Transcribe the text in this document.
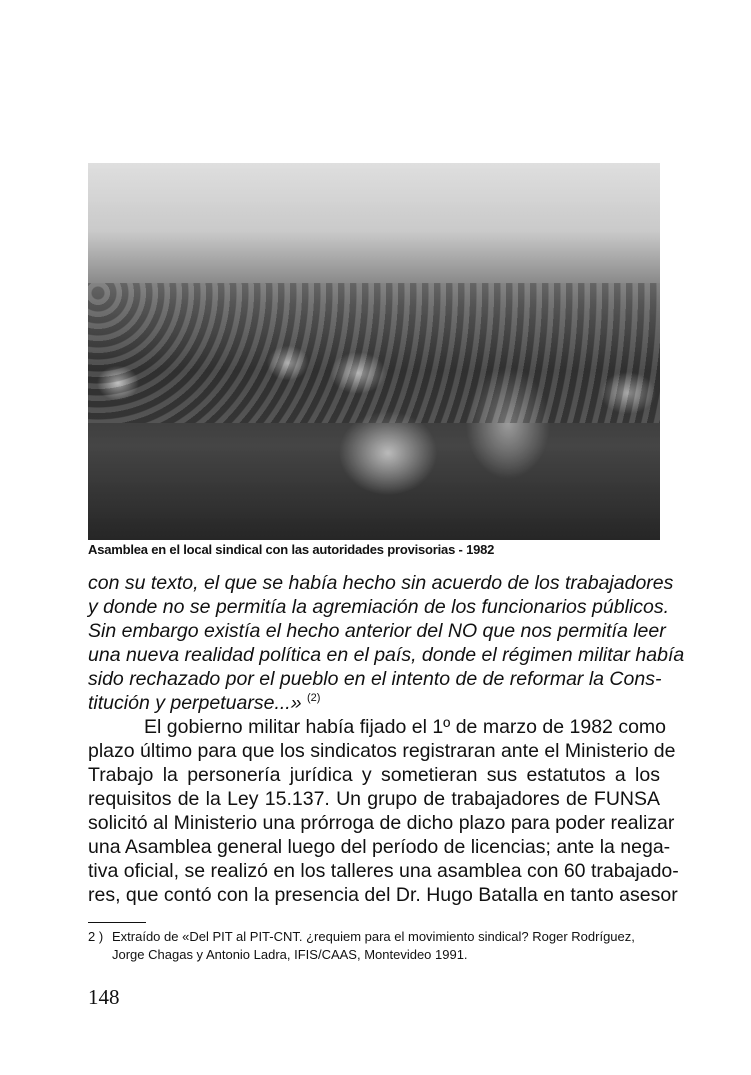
Asamblea en el local sindical con las autoridades provisorias - 1982
con su texto, el que se había hecho sin acuerdo de los trabajadores
y donde no se permitía la agremiación de los funcionarios públicos.
Sin embargo existía el hecho anterior del NO que nos permitía leer
una nueva realidad política en el país, donde el régimen militar había
sido rechazado por el pueblo en el intento de de reformar la Cons-
titución y perpetuarse...» $^{(2)}$
El gobierno militar había fijado el 1º de marzo de 1982 como
plazo último para que los sindicatos registraran ante el Ministerio de
Trabajo la personería jurídica y sometieran sus estatutos a los
requisitos de la Ley 15.137. Un grupo de trabajadores de FUNSA
solicitó al Ministerio una prórroga de dicho plazo para poder realizar
una Asamblea general luego del período de licencias; ante la nega-
tiva oficial, se realizó en los talleres una asamblea con 60 trabajado-
res, que contó con la presencia del Dr. Hugo Batalla en tanto asesor
2 ) Extraído de «Del PIT al PIT-CNT. ¿requiem para el movimiento sindical? Roger Rodríguez,
Jorge Chagas y Antonio Ladra, IFIS/CAAS, Montevideo 1991.
148
